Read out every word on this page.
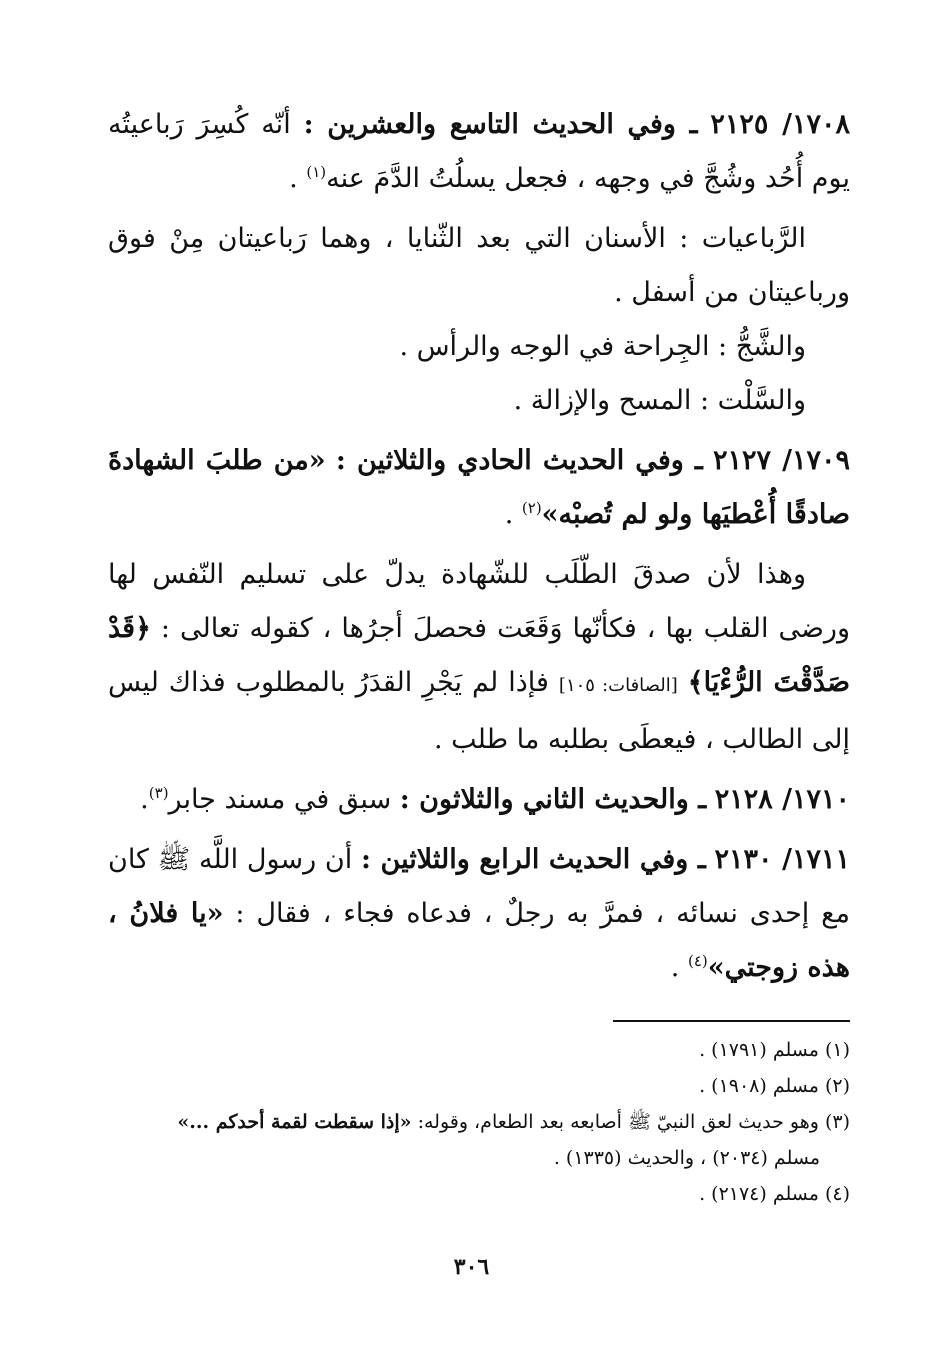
١٧٠٨/ ٢١٢٥ ـ وفي الحديث التاسع والعشرين : أنّه كُسِرَ رَباعيتُه يوم أُحُد وشُجَّ في وجهه ، فجعل يسلُتُ الدَّمَ عنه$^{(١)}$ .

الرَّباعيات : الأسنان التي بعد الثّنايا ، وهما رَباعيتان مِنْ فوق ورباعيتان من أسفل .

والشَّجُّ : الجِراحة في الوجه والرأس .

والسَّلْت : المسح والإزالة .

١٧٠٩/ ٢١٢٧ ـ وفي الحديث الحادي والثلاثين : «من طلبَ الشهادةَ صادقًا أُعْطيَها ولو لم تُصبْه»$^{(٢)}$ .

وهذا لأن صدقَ الطّلَب للشّهادة يدلّ على تسليم النّفس لها ورضى القلب بها ، فكأنّها وَقَعَت فحصلَ أجرُها ، كقوله تعالى : ﴿قَدْ صَدَّقْتَ الرُّءْيَا﴾ [الصافات: ١٠٥] فإذا لم يَجْرِ القدَرُ بالمطلوب فذاك ليس إلى الطالب ، فيعطَى بطلبه ما طلب .

١٧١٠/ ٢١٢٨ ـ والحديث الثاني والثلاثون : سبق في مسند جابر$^{(٣)}$.

١٧١١/ ٢١٣٠ ـ وفي الحديث الرابع والثلاثين : أن رسول اللَّه ﷺ كان مع إحدى نسائه ، فمرَّ به رجلٌ ، فدعاه فجاء ، فقال : «يا فلانُ ، هذه زوجتي»$^{(٤)}$ .

(١) مسلم (١٧٩١) .

(٢) مسلم (١٩٠٨) .

(٣) وهو حديث لعق النبيّ ﷺ أصابعه بعد الطعام، وقوله: «إذا سقطت لقمة أحدكم ...»

مسلم (٢٠٣٤) ، والحديث (١٣٣٥) .

(٤) مسلم (٢١٧٤) .

٣٠٦
